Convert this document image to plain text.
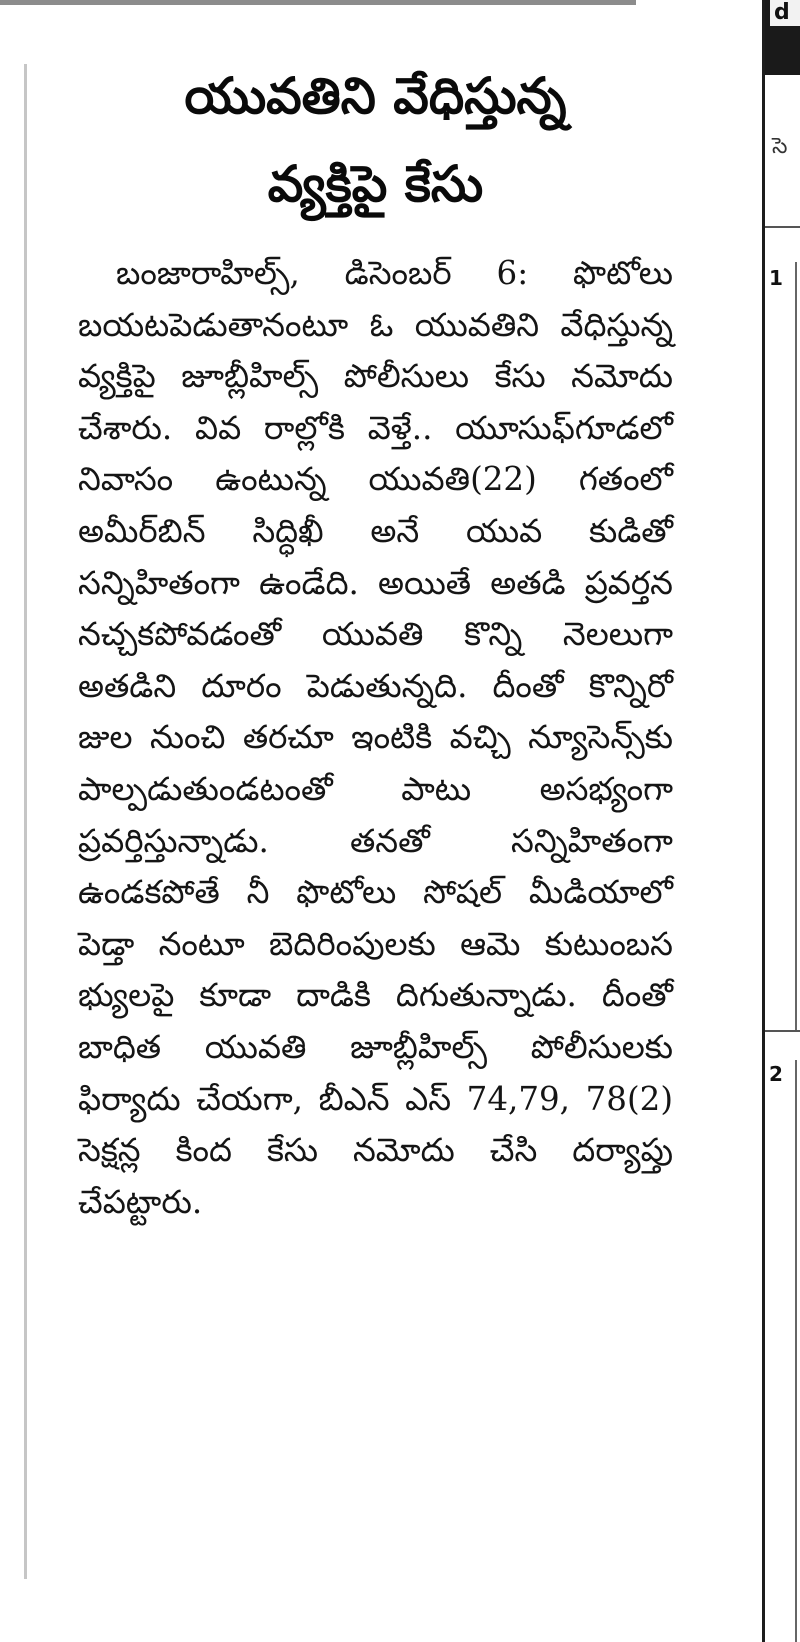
యువతిని వేధిస్తున్న
వ్యక్తిపై కేసు

బంజారాహిల్స్, డిసెంబర్ 6: ఫొటోలు బయటపెడుతానంటూ ఓ యువతిని వేధిస్తున్న వ్యక్తిపై జూబ్లీహిల్స్ పోలీసులు కేసు నమోదు చేశారు. వివ రాల్లోకి వెళ్తే.. యూసుఫ్‌గూడలో నివాసం ఉంటున్న యువతి(22) గతంలో అమీర్‌బిన్ సిద్ధిఖీ అనే యువ కుడితో సన్నిహితంగా ఉండేది. అయితే అతడి ప్రవర్తన నచ్చకపోవడంతో యువతి కొన్ని నెలలుగా అతడిని దూరం పెడుతున్నది. దీంతో కొన్నిరో జుల నుంచి తరచూ ఇంటికి వచ్చి న్యూసెన్స్‌కు పాల్పడుతుండటంతో పాటు అసభ్యంగా ప్రవర్తిస్తున్నాడు. తనతో సన్నిహితంగా ఉండకపోతే నీ ఫొటోలు సోషల్ మీడియాలో పెడ్తా నంటూ బెదిరింపులకు ఆమె కుటుంబస భ్యులపై కూడా దాడికి దిగుతున్నాడు. దీంతో బాధిత యువతి జూబ్లీహిల్స్ పోలీసులకు ఫిర్యాదు చేయగా, బీఎన్ ఎస్ 74,79, 78(2) సెక్షన్ల కింద కేసు నమోదు చేసి దర్యాప్తు చేపట్టారు.

d
సె
1
2
